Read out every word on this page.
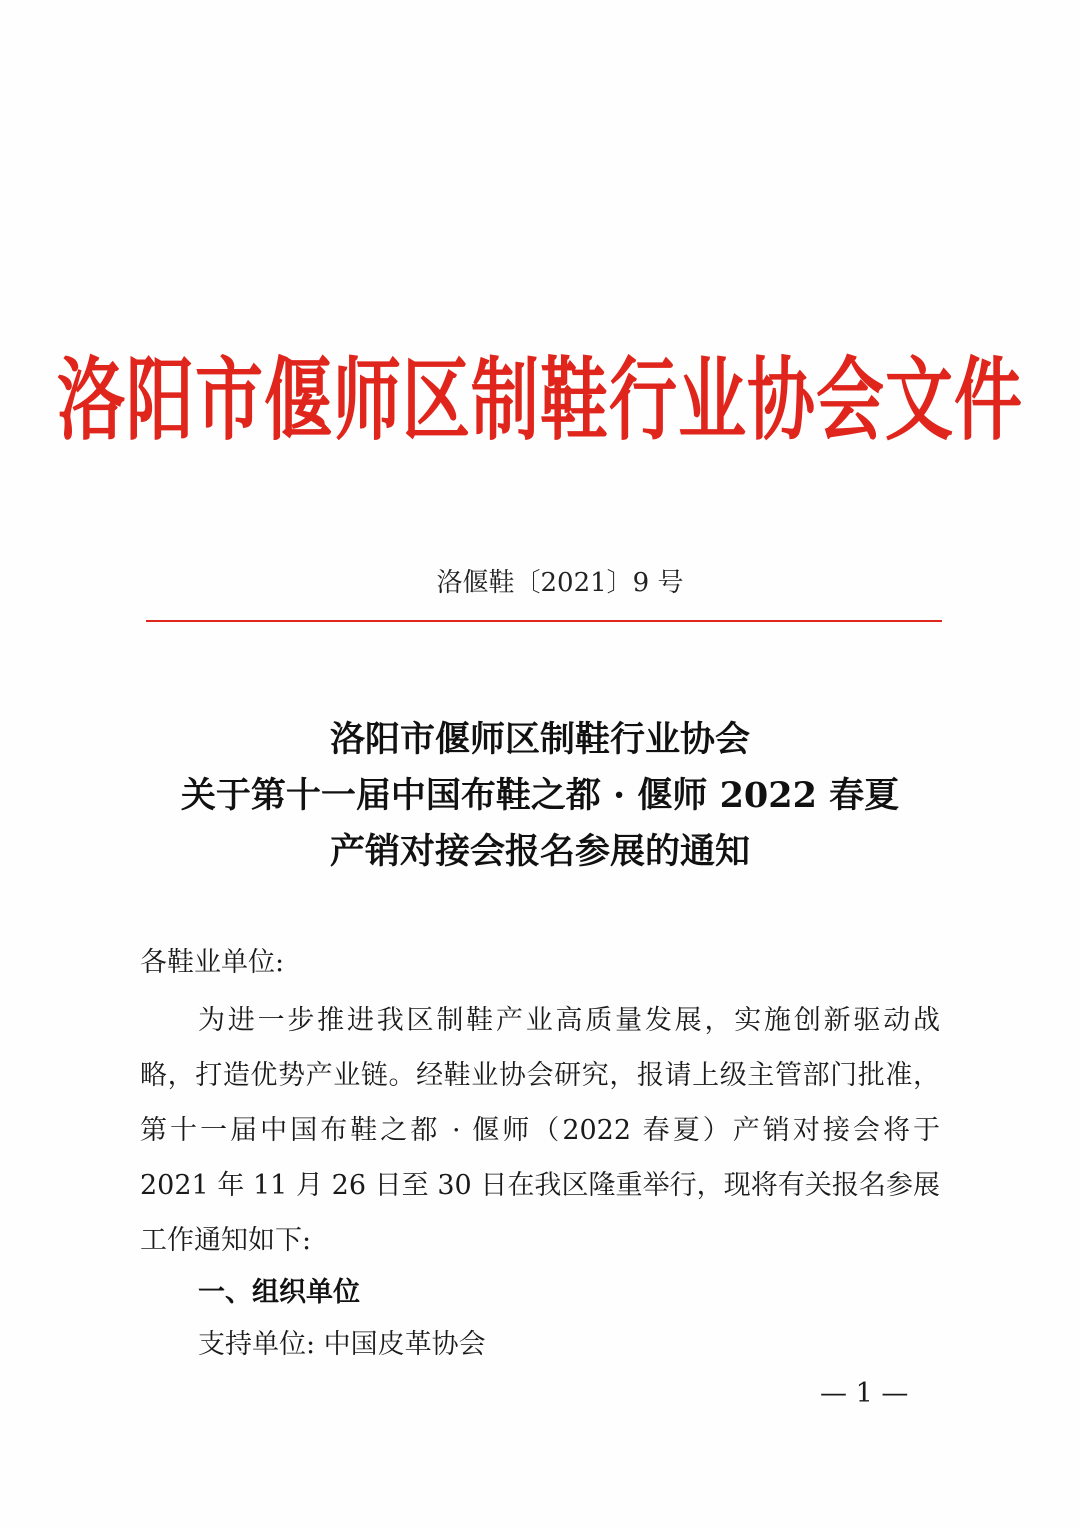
洛阳市偃师区制鞋行业协会文件
洛偃鞋〔2021〕9 号
洛阳市偃师区制鞋行业协会
关于第十一届中国布鞋之都 · 偃师 2022 春夏
产销对接会报名参展的通知
各鞋业单位:
为进一步推进我区制鞋产业高质量发展，实施创新驱动战
略，打造优势产业链。经鞋业协会研究，报请上级主管部门批准，
第十一届中国布鞋之都 · 偃师（2022 春夏）产销对接会将于
2021 年 11 月 26 日至 30 日在我区隆重举行，现将有关报名参展
工作通知如下:
一、组织单位
支持单位: 中国皮革协会
— 1 —
